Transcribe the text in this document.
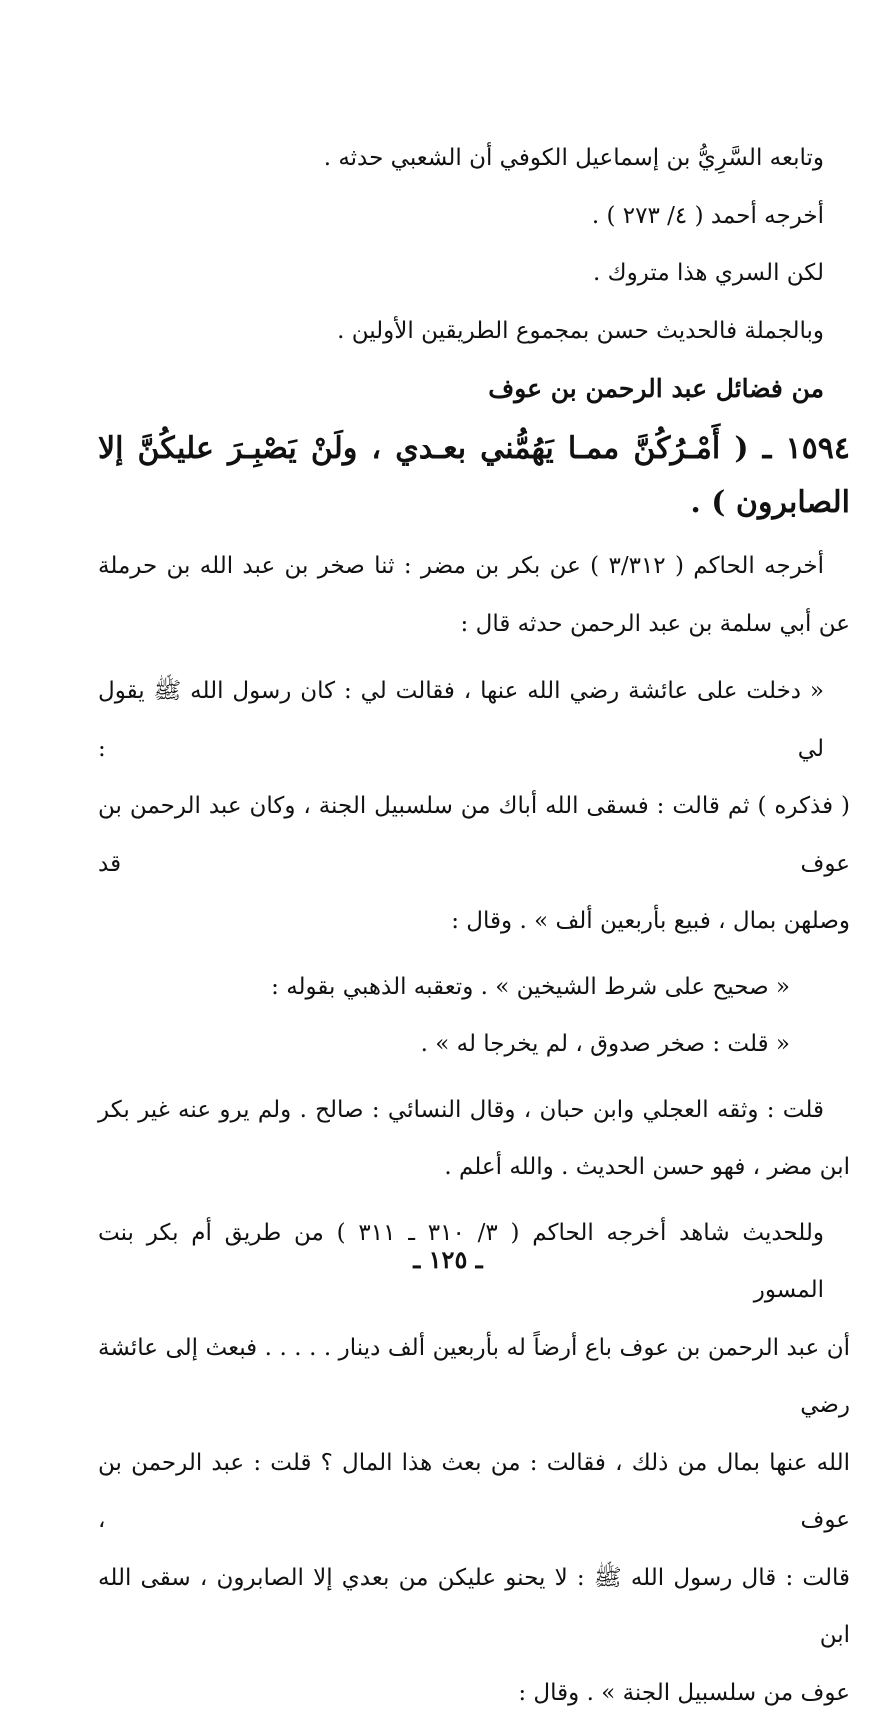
وتابعه السَّرِيُّ بن إسماعيل الكوفي أن الشعبي حدثه .
أخرجه أحمد ( ٤/ ٢٧٣ ) .
لكن السري هذا متروك .
وبالجملة فالحديث حسن بمجموع الطريقين الأولين .
من فضائل عبد الرحمن بن عوف
١٥٩٤ ـ ( أَمْـرُكُنَّ ممـا يَهُمُّني بعـدي ، ولَنْ يَصْبِـرَ عليكُنَّ إلا
الصابرون ) .
أخرجه الحاكم ( ٣/٣١٢ ) عن بكر بن مضر : ثنا صخر بن عبد الله بن حرملة
عن أبي سلمة بن عبد الرحمن حدثه قال :
« دخلت على عائشة رضي الله عنها ، فقالت لي : كان رسول الله ﷺ يقول لي :
( فذكره ) ثم قالت : فسقى الله أباك من سلسبيل الجنة ، وكان عبد الرحمن بن عوف قد
وصلهن بمال ، فبيع بأربعين ألف » . وقال :
« صحيح على شرط الشيخين » . وتعقبه الذهبي بقوله :
« قلت : صخر صدوق ، لم يخرجا له » .
قلت : وثقه العجلي وابن حبان ، وقال النسائي : صالح . ولم يرو عنه غير بكر
ابن مضر ، فهو حسن الحديث . والله أعلم .
وللحديث شاهد أخرجه الحاكم ( ٣/ ٣١٠ ـ ٣١١ ) من طريق أم بكر بنت المسور
أن عبد الرحمن بن عوف باع أرضاً له بأربعين ألف دينار . . . . . فبعث إلى عائشة رضي
الله عنها بمال من ذلك ، فقالت : من بعث هذا المال ؟ قلت : عبد الرحمن بن عوف ،
قالت : قال رسول الله ﷺ : لا يحنو عليكن من بعدي إلا الصابرون ، سقى الله ابن
عوف من سلسبيل الجنة » . وقال :
ـ ١٢٥ ـ
